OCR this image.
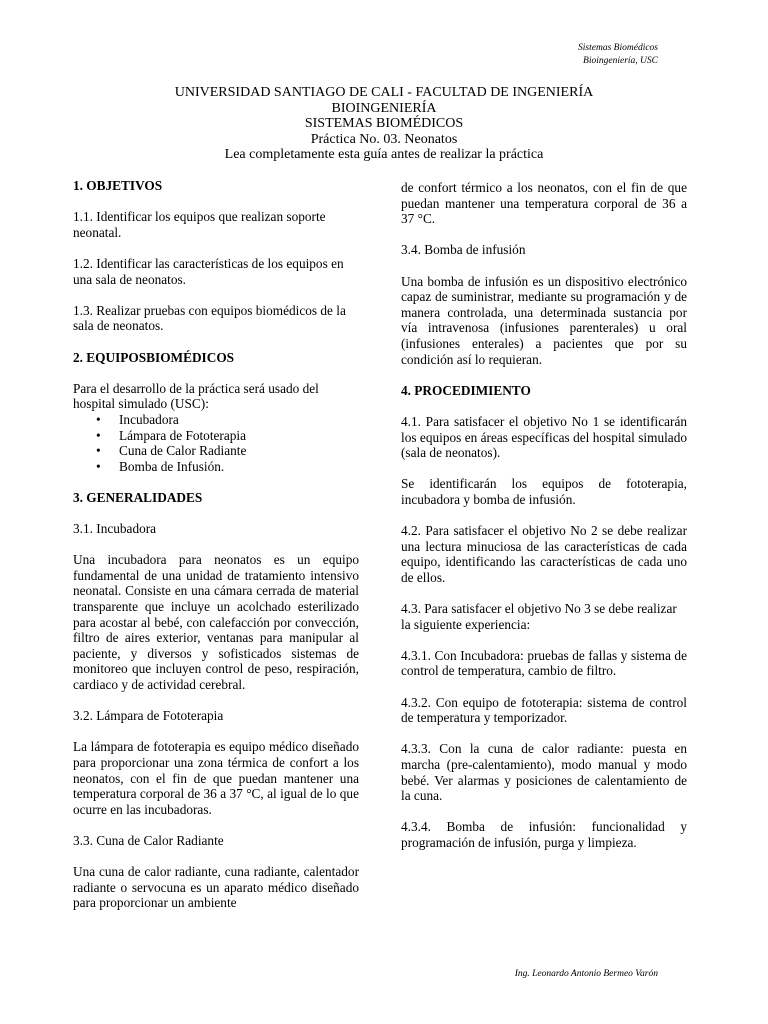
Sistemas Biomédicos
Bioingeniería, USC
UNIVERSIDAD SANTIAGO DE CALI - FACULTAD DE INGENIERÍA
BIOINGENIERÍA
SISTEMAS BIOMÉDICOS
Práctica No. 03. Neonatos
Lea completamente esta guía antes de realizar la práctica
1. OBJETIVOS

1.1. Identificar los equipos que realizan soporte neonatal.

1.2. Identificar las características de los equipos en una sala de neonatos.

1.3. Realizar pruebas con equipos biomédicos de la sala de neonatos.

2. EQUIPOSBIOMÉDICOS

Para el desarrollo de la práctica será usado del hospital simulado (USC):

• Incubadora
• Lámpara de Fototerapia
• Cuna de Calor Radiante
• Bomba de Infusión.
3. GENERALIDADES

3.1. Incubadora

Una incubadora para neonatos es un equipo fundamental de una unidad de tratamiento intensivo neonatal. Consiste en una cámara cerrada de material transparente que incluye un acolchado esterilizado para acostar al bebé, con calefacción por convección, filtro de aires exterior, ventanas para manipular al paciente, y diversos y sofisticados sistemas de monitoreo que incluyen control de peso, respiración, cardiaco y de actividad cerebral.

3.2. Lámpara de Fototerapia

La lámpara de fototerapia es equipo médico diseñado para proporcionar una zona térmica de confort a los neonatos, con el fin de que puedan mantener una temperatura corporal de 36 a 37 °C, al igual de lo que ocurre en las incubadoras.

3.3. Cuna de Calor Radiante

Una cuna de calor radiante, cuna radiante, calentador radiante o servocuna es un aparato médico diseñado para proporcionar un ambiente

de confort térmico a los neonatos, con el fin de que puedan mantener una temperatura corporal de 36 a 37 °C.

3.4. Bomba de infusión

Una bomba de infusión es un dispositivo electrónico capaz de suministrar, mediante su programación y de manera controlada, una determinada sustancia por vía intravenosa (infusiones parenterales) u oral (infusiones enterales) a pacientes que por su condición así lo requieran.

4. PROCEDIMIENTO

4.1. Para satisfacer el objetivo No 1 se identificarán los equipos en áreas específicas del hospital simulado (sala de neonatos).

Se identificarán los equipos de fototerapia, incubadora y bomba de infusión.

4.2. Para satisfacer el objetivo No 2 se debe realizar una lectura minuciosa de las características de cada equipo, identificando las características de cada uno de ellos.

4.3. Para satisfacer el objetivo No 3 se debe realizar la siguiente experiencia:

4.3.1. Con Incubadora: pruebas de fallas y sistema de control de temperatura, cambio de filtro.

4.3.2. Con equipo de fototerapia: sistema de control de temperatura y temporizador.

4.3.3. Con la cuna de calor radiante: puesta en marcha (pre-calentamiento), modo manual y modo bebé. Ver alarmas y posiciones de calentamiento de la cuna.

4.3.4. Bomba de infusión: funcionalidad y programación de infusión, purga y limpieza.

Ing. Leonardo Antonio Bermeo Varón
